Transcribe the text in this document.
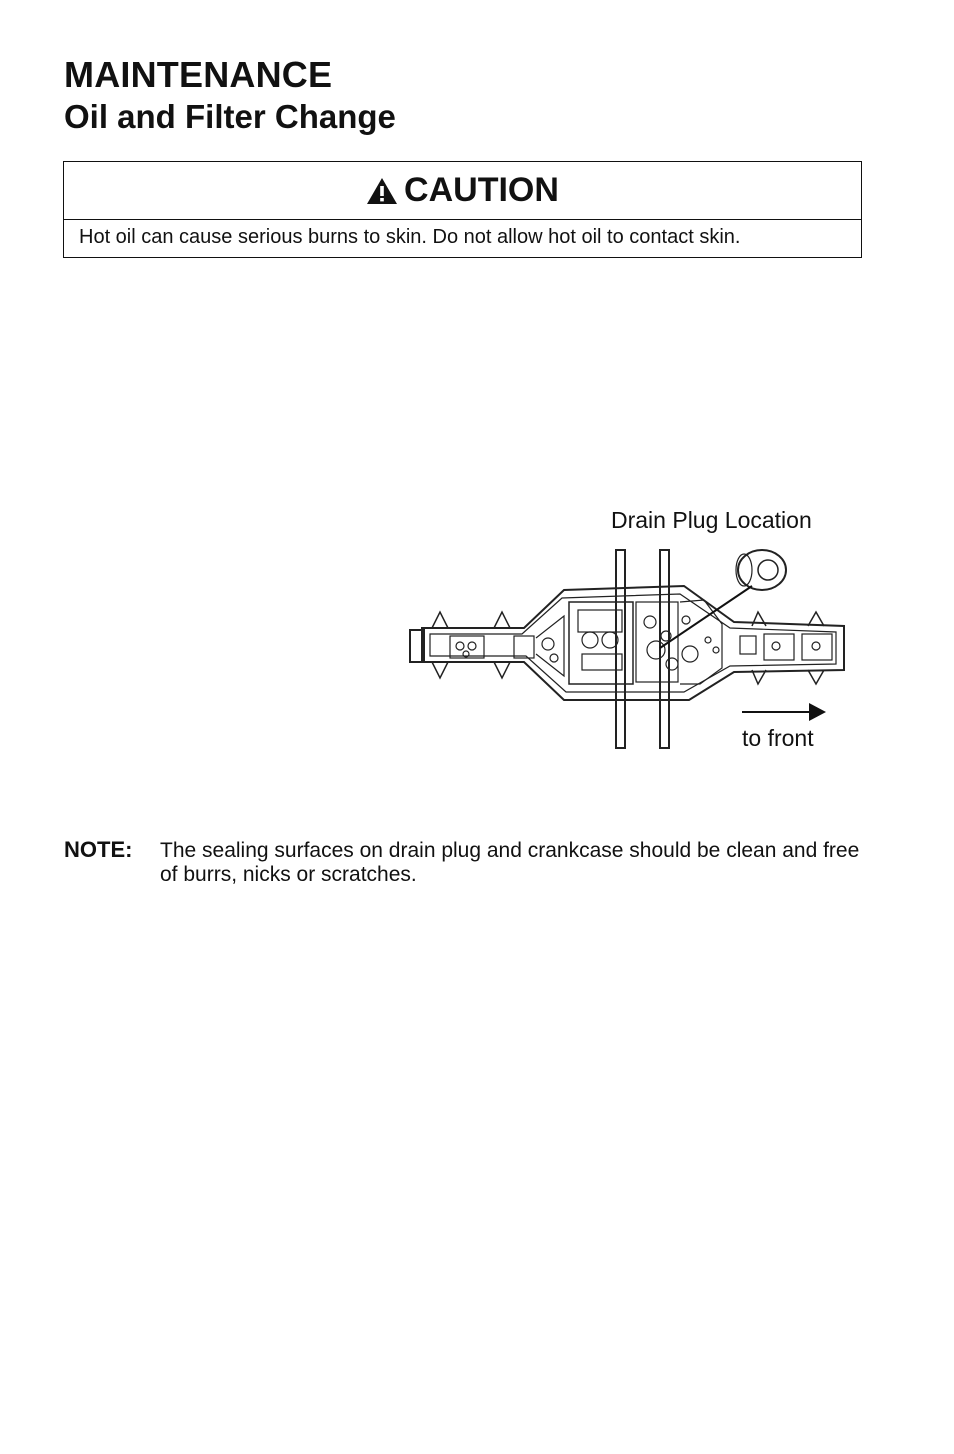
MAINTENANCE
Oil and Filter Change
CAUTION
Hot oil can cause serious burns to skin. Do not allow hot oil to contact skin.
Drain Plug Location
to front
NOTE: The sealing surfaces on drain plug and crankcase should be clean and free of burrs, nicks or scratches.
